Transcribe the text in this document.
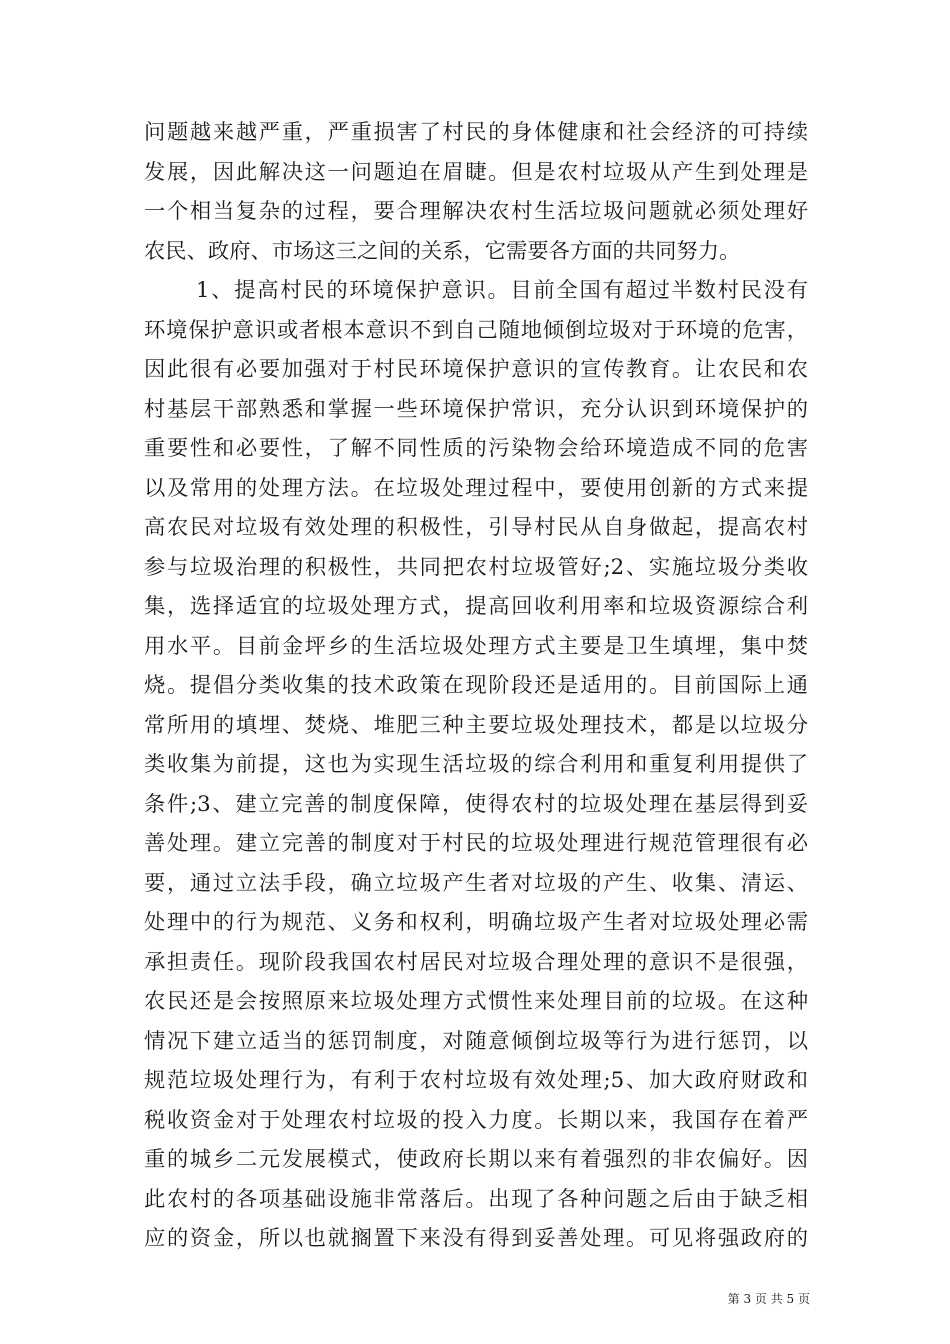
问题越来越严重，严重损害了村民的身体健康和社会经济的可持续
发展，因此解决这一问题迫在眉睫。但是农村垃圾从产生到处理是
一个相当复杂的过程，要合理解决农村生活垃圾问题就必须处理好
农民、政府、市场这三之间的关系，它需要各方面的共同努力。
1、提高村民的环境保护意识。目前全国有超过半数村民没有
环境保护意识或者根本意识不到自己随地倾倒垃圾对于环境的危害，
因此很有必要加强对于村民环境保护意识的宣传教育。让农民和农
村基层干部熟悉和掌握一些环境保护常识，充分认识到环境保护的
重要性和必要性，了解不同性质的污染物会给环境造成不同的危害
以及常用的处理方法。在垃圾处理过程中，要使用创新的方式来提
高农民对垃圾有效处理的积极性，引导村民从自身做起，提高农村
参与垃圾治理的积极性，共同把农村垃圾管好;2、实施垃圾分类收
集，选择适宜的垃圾处理方式，提高回收利用率和垃圾资源综合利
用水平。目前金坪乡的生活垃圾处理方式主要是卫生填埋，集中焚
烧。提倡分类收集的技术政策在现阶段还是适用的。目前国际上通
常所用的填埋、焚烧、堆肥三种主要垃圾处理技术，都是以垃圾分
类收集为前提，这也为实现生活垃圾的综合利用和重复利用提供了
条件;3、建立完善的制度保障，使得农村的垃圾处理在基层得到妥
善处理。建立完善的制度对于村民的垃圾处理进行规范管理很有必
要，通过立法手段，确立垃圾产生者对垃圾的产生、收集、清运、
处理中的行为规范、义务和权利，明确垃圾产生者对垃圾处理必需
承担责任。现阶段我国农村居民对垃圾合理处理的意识不是很强，
农民还是会按照原来垃圾处理方式惯性来处理目前的垃圾。在这种
情况下建立适当的惩罚制度，对随意倾倒垃圾等行为进行惩罚，以
规范垃圾处理行为，有利于农村垃圾有效处理;5、加大政府财政和
税收资金对于处理农村垃圾的投入力度。长期以来，我国存在着严
重的城乡二元发展模式，使政府长期以来有着强烈的非农偏好。因
此农村的各项基础设施非常落后。出现了各种问题之后由于缺乏相
应的资金，所以也就搁置下来没有得到妥善处理。可见将强政府的
第 3 页 共 5 页
